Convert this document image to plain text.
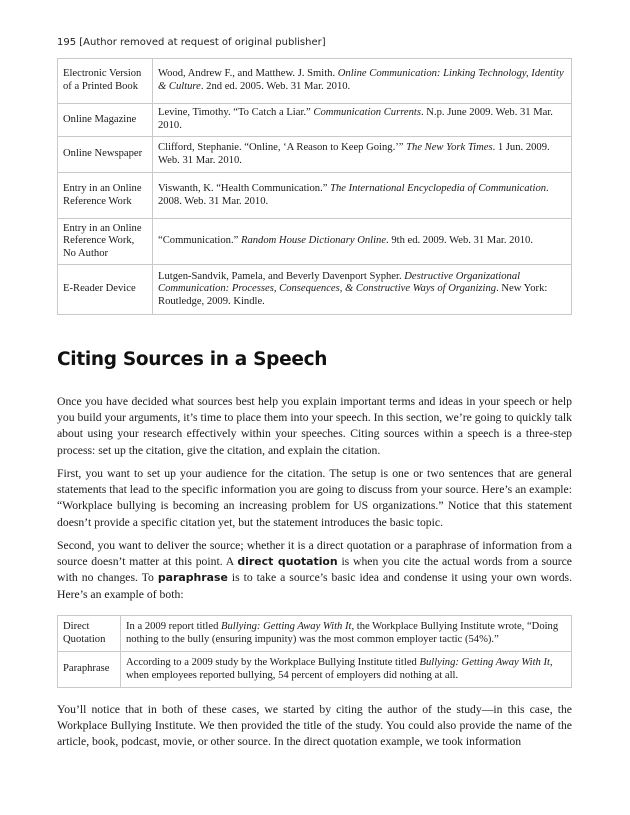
195 [Author removed at request of original publisher]
Electronic Version of a Printed Book	Wood, Andrew F., and Matthew. J. Smith. Online Communication: Linking Technology, Identity & Culture. 2nd ed. 2005. Web. 31 Mar. 2010.
Online Magazine	Levine, Timothy. “To Catch a Liar.” Communication Currents. N.p. June 2009. Web. 31 Mar. 2010.
Online Newspaper	Clifford, Stephanie. “Online, ‘A Reason to Keep Going.’” The New York Times. 1 Jun. 2009. Web. 31 Mar. 2010.
Entry in an Online Reference Work	Viswanth, K. “Health Communication.” The International Encyclopedia of Communication. 2008. Web. 31 Mar. 2010.
Entry in an Online Reference Work, No Author	“Communication.” Random House Dictionary Online. 9th ed. 2009. Web. 31 Mar. 2010.
E-Reader Device	Lutgen-Sandvik, Pamela, and Beverly Davenport Sypher. Destructive Organizational Communication: Processes, Consequences, & Constructive Ways of Organizing. New York: Routledge, 2009. Kindle.
Citing Sources in a Speech

Once you have decided what sources best help you explain important terms and ideas in your speech or help you build your arguments, it’s time to place them into your speech. In this section, we’re going to quickly talk about using your research effectively within your speeches. Citing sources within a speech is a three-step process: set up the citation, give the citation, and explain the citation.

First, you want to set up your audience for the citation. The setup is one or two sentences that are general statements that lead to the specific information you are going to discuss from your source. Here’s an example: “Workplace bullying is becoming an increasing problem for US organizations.” Notice that this statement doesn’t provide a specific citation yet, but the statement introduces the basic topic.

Second, you want to deliver the source; whether it is a direct quotation or a paraphrase of information from a source doesn’t matter at this point. A direct quotation is when you cite the actual words from a source with no changes. To paraphrase is to take a source’s basic idea and condense it using your own words. Here’s an example of both:

Direct Quotation	In a 2009 report titled Bullying: Getting Away With It, the Workplace Bullying Institute wrote, “Doing nothing to the bully (ensuring impunity) was the most common employer tactic (54%).”
Paraphrase	According to a 2009 study by the Workplace Bullying Institute titled Bullying: Getting Away With It, when employees reported bullying, 54 percent of employers did nothing at all.

You’ll notice that in both of these cases, we started by citing the author of the study—in this case, the Workplace Bullying Institute. We then provided the title of the study. You could also provide the name of the article, book, podcast, movie, or other source. In the direct quotation example, we took information
